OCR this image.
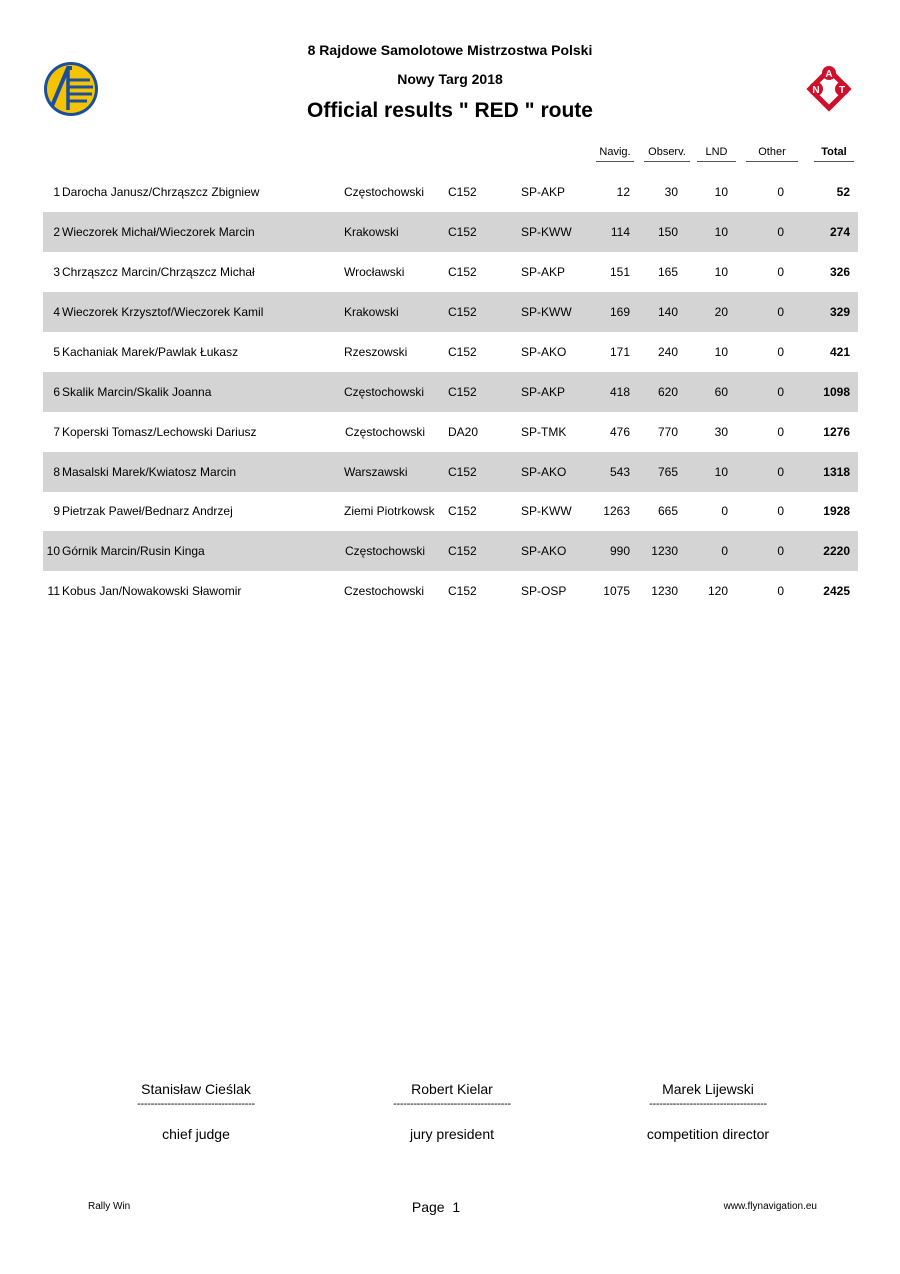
8 Rajdowe Samolotowe Mistrzostwa Polski
Nowy Targ 2018
Official results " RED " route
N
A
T
Navig.	Observ.	LND	Other	Total
1 Darocha Janusz/Chrząszcz Zbigniew	Częstochowski C152	SP-AKP	12	30	10	0	52
2 Wieczorek Michał/Wieczorek Marcin	Krakowski	C152	SP-KWW	114	150	10	0	274
3 Chrząszcz Marcin/Chrząszcz Michał	Wrocławski	C152	SP-AKP	151	165	10	0	326
4 Wieczorek Krzysztof/Wieczorek Kamil	Krakowski	C152	SP-KWW	169	140	20	0	329
5 Kachaniak Marek/Pawlak Łukasz	Rzeszowski	C152	SP-AKO	171	240	10	0	421
6 Skalik Marcin/Skalik Joanna	Częstochowski C152	SP-AKP	418	620	60	0	1098
7 Koperski Tomasz/Lechowski Dariusz	Częstochowski DA20	SP-TMK	476	770	30	0	1276
8 Masalski Marek/Kwiatosz Marcin	Warszawski	C152	SP-AKO	543	765	10	0	1318
9 Pietrzak Paweł/Bednarz Andrzej	Ziemi Piotrkowsk C152	SP-KWW	1263	665	0	0	1928
10 Górnik Marcin/Rusin Kinga	Częstochowski C152	SP-AKO	990	1230	0	0	2220
11 Kobus Jan/Nowakowski Sławomir	Czestochowski C152	SP-OSP	1075	1230	120	0	2425
Stanisław Cieślak
-----------------------------------
chief judge
Robert Kielar
-----------------------------------
jury president
Marek Lijewski
-----------------------------------
competition director
Rally Win	Page  1	www.flynavigation.eu
